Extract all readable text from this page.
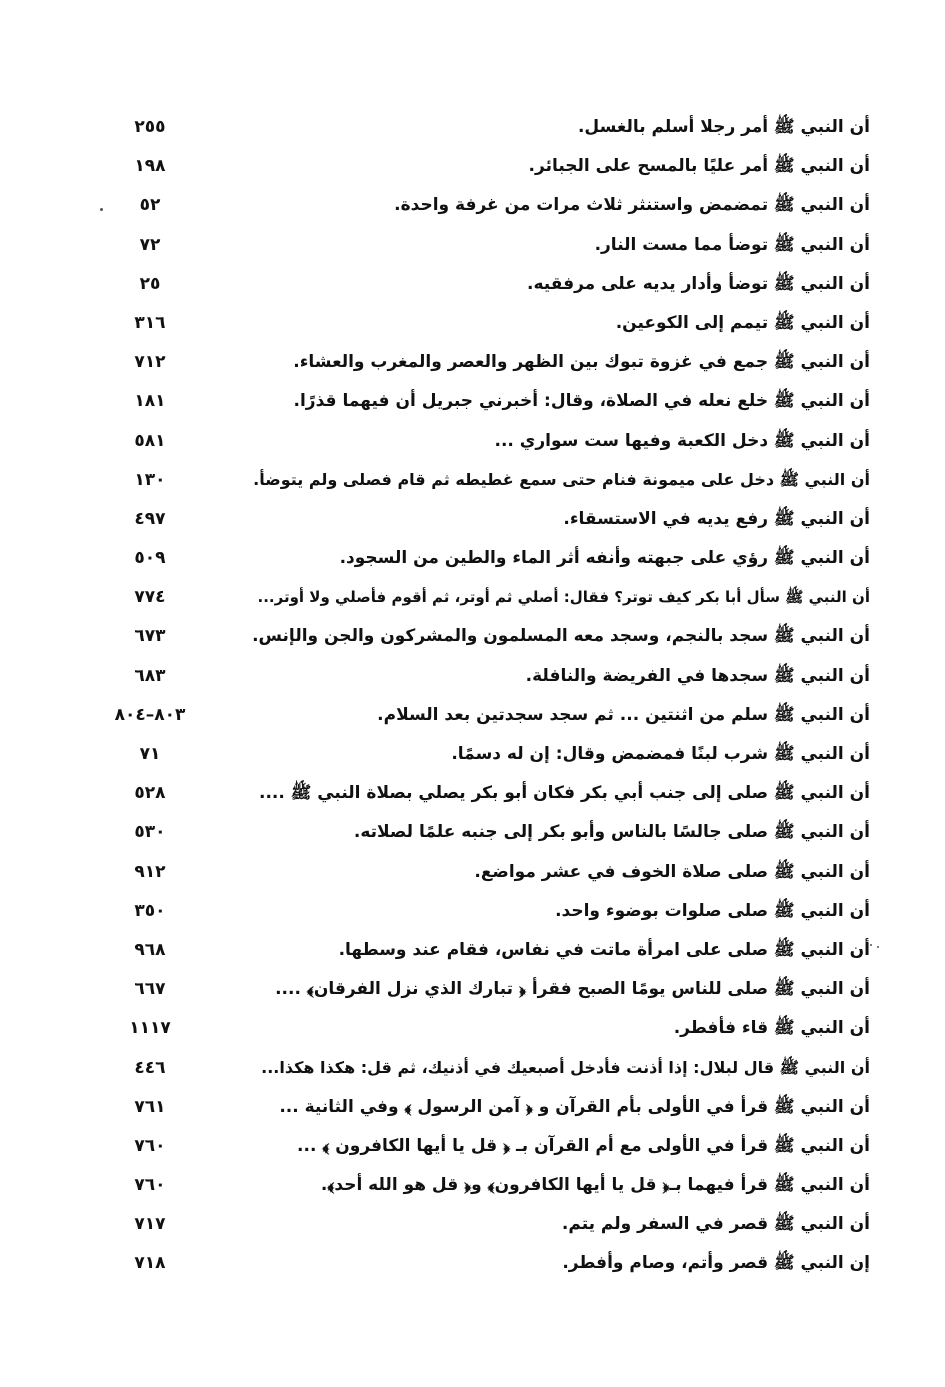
أن النبي ﷺ أمر رجلا أسلم بالغسل.
٢٥٥
أن النبي ﷺ أمر عليًا بالمسح على الجبائر.
١٩٨
أن النبي ﷺ تمضمض واستنثر ثلاث مرات من غرفة واحدة.
٥٢
أن النبي ﷺ توضأ مما مست النار.
٧٢
أن النبي ﷺ توضأ وأدار يديه على مرفقيه.
٢٥
أن النبي ﷺ تيمم إلى الكوعين.
٣١٦
أن النبي ﷺ جمع في غزوة تبوك بين الظهر والعصر والمغرب والعشاء.
٧١٢
أن النبي ﷺ خلع نعله في الصلاة، وقال: أخبرني جبريل أن فيهما قذرًا.
١٨١
أن النبي ﷺ دخل الكعبة وفيها ست سواري ...
٥٨١
أن النبي ﷺ دخل على ميمونة فنام حتى سمع غطيطه ثم قام فصلى ولم يتوضأ.
١٣٠
أن النبي ﷺ رفع يديه في الاستسقاء.
٤٩٧
أن النبي ﷺ رؤي على جبهته وأنفه أثر الماء والطين من السجود.
٥٠٩
أن النبي ﷺ سأل أبا بكر كيف توتر؟ فقال: أصلي ثم أوتر، ثم أقوم فأصلي ولا أوتر...
٧٧٤
أن النبي ﷺ سجد بالنجم، وسجد معه المسلمون والمشركون والجن والإنس.
٦٧٣
أن النبي ﷺ سجدها في الفريضة والنافلة.
٦٨٣
أن النبي ﷺ سلم من اثنتين ... ثم سجد سجدتين بعد السلام.
٨٠٣–٨٠٤
أن النبي ﷺ شرب لبنًا فمضمض وقال: إن له دسمًا.
٧١
أن النبي ﷺ صلى إلى جنب أبي بكر فكان أبو بكر يصلي بصلاة النبي ﷺ ....
٥٢٨
أن النبي ﷺ صلى جالسًا بالناس وأبو بكر إلى جنبه علمًا لصلاته.
٥٣٠
أن النبي ﷺ صلى صلاة الخوف في عشر مواضع.
٩١٢
أن النبي ﷺ صلى صلوات بوضوء واحد.
٣٥٠
أن النبي ﷺ صلى على امرأة ماتت في نفاس، فقام عند وسطها.
٩٦٨
أن النبي ﷺ صلى للناس يومًا الصبح فقرأ ﴿ تبارك الذي نزل الفرقان﴾ ....
٦٦٧
أن النبي ﷺ قاء فأفطر.
١١١٧
أن النبي ﷺ قال لبلال: إذا أذنت فأدخل أصبعيك في أذنيك، ثم قل: هكذا هكذا...
٤٤٦
أن النبي ﷺ قرأ في الأولى بأم القرآن و ﴿ آمن الرسول ﴾ وفي الثانية ...
٧٦١
أن النبي ﷺ قرأ في الأولى مع أم القرآن بـ ﴿ قل يا أيها الكافرون ﴾ ...
٧٦٠
أن النبي ﷺ قرأ فيهما بـ﴿ قل يا أيها الكافرون﴾ و﴿ قل هو الله أحد﴾.
٧٦٠
أن النبي ﷺ قصر في السفر ولم يتم.
٧١٧
إن النبي ﷺ قصر وأتم، وصام وأفطر.
٧١٨
